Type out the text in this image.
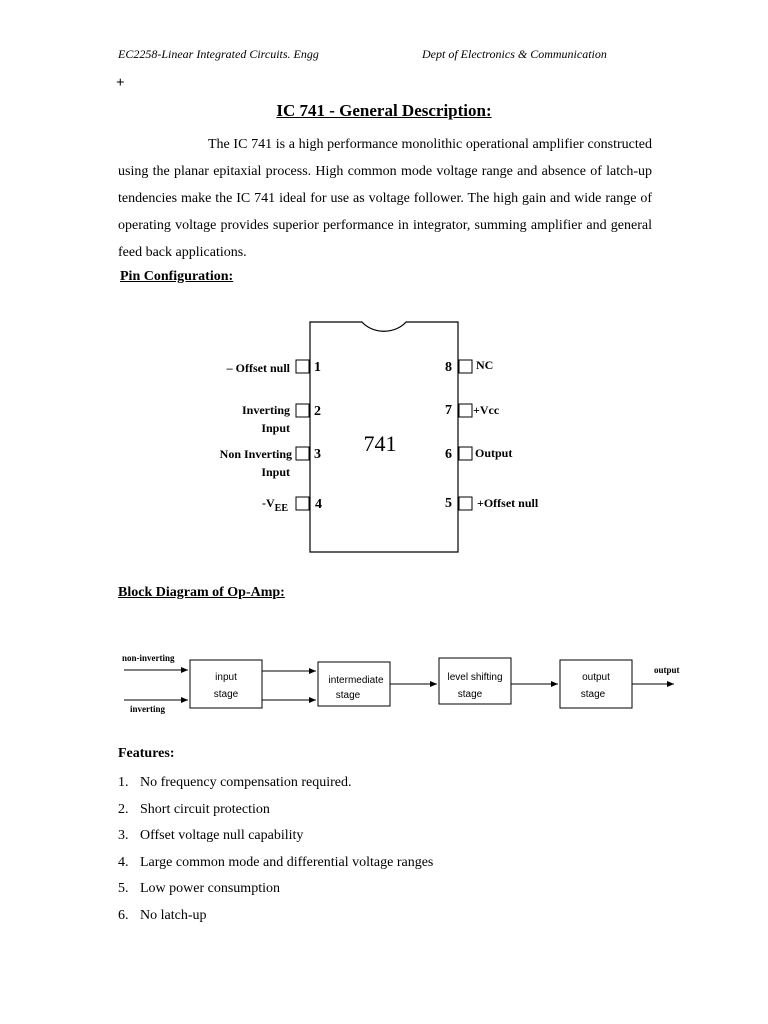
EC2258-Linear Integrated Circuits. Engg	Dept of Electronics & Communication
+
IC 741 - General Description:

The IC 741 is a high performance monolithic operational amplifier constructed using the planar epitaxial process. High common mode voltage range and absence of latch-up tendencies make the IC 741 ideal for use as voltage follower. The high gain and wide range of operating voltage provides superior performance in integrator, summing amplifier and general feed back applications.

Pin Configuration:
741
1
– Offset null
2
Inverting
Input
3
Non Inverting
Input
4
$-V_{EE}$
8 NC
7 +Vcc
6 Output
5 +Offset null
non-inverting
inverting
output
input
stage
intermediate
stage
level shifting
stage
output
stage
Block Diagram of Op-Amp:
Features:
1. No frequency compensation required.
2. Short circuit protection
3. Offset voltage null capability
4. Large common mode and differential voltage ranges
5. Low power consumption
6. No latch-up
